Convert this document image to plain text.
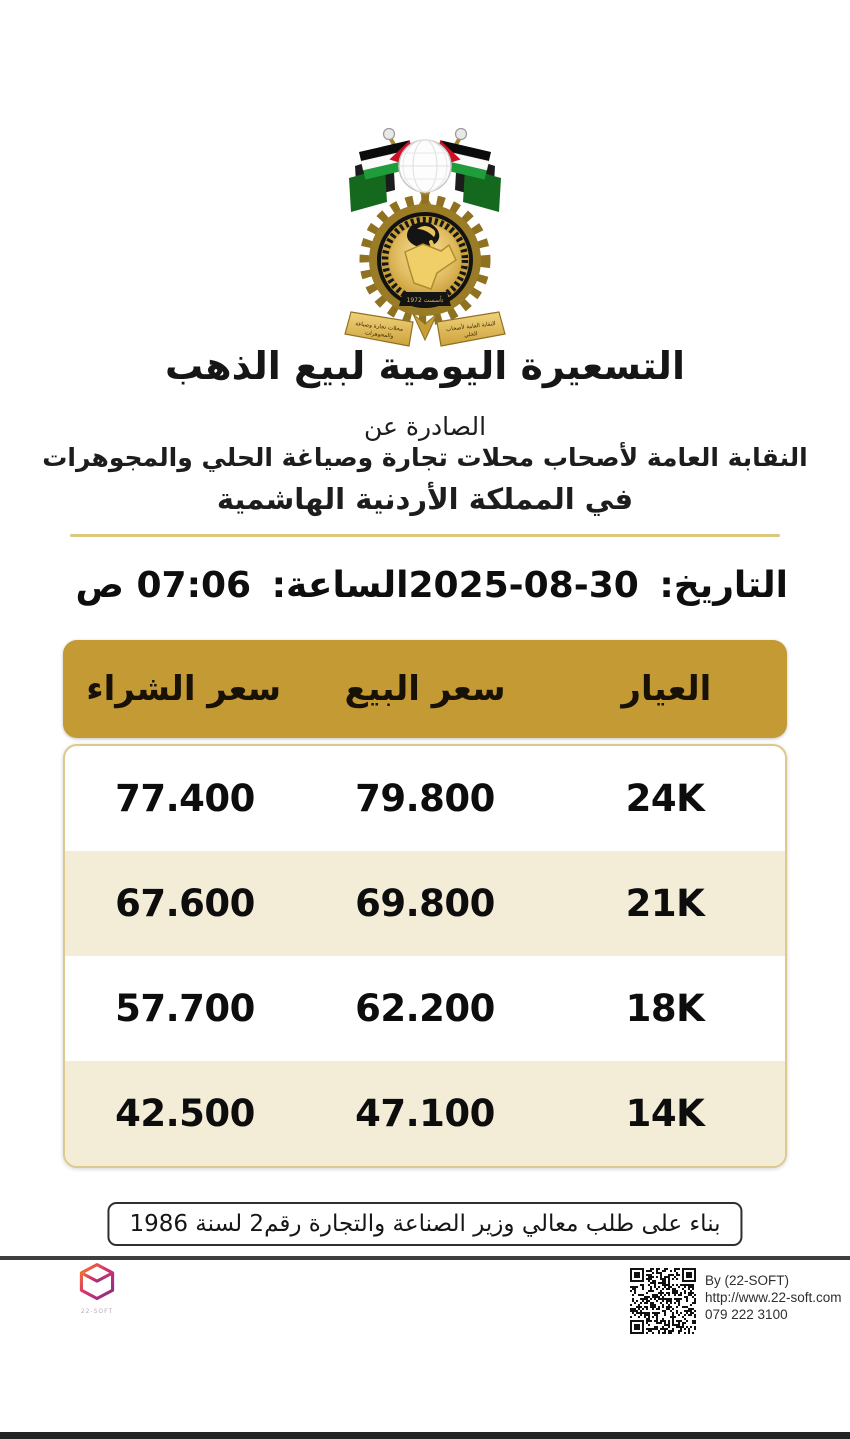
تأسست 1972
محلات تجارة وصياغة
والمجوهرات
النقابة العامة لأصحاب
الحلي
التسعيرة اليومية لبيع الذهب
الصادرة عن
النقابة العامة لأصحاب محلات تجارة وصياغة الحلي والمجوهرات
في المملكة الأردنية الهاشمية
التاريخ: 30-08-2025
الساعة: 07:06 ص
العيار
سعر البيع
سعر الشراء
24K
79.800
77.400
21K
69.800
67.600
18K
62.200
57.700
14K
47.100
42.500
بناء على طلب معالي وزير الصناعة والتجارة رقم2 لسنة 1986
By (22-SOFT)
http://www.22-soft.com
079 222 3100
22-SOFT
